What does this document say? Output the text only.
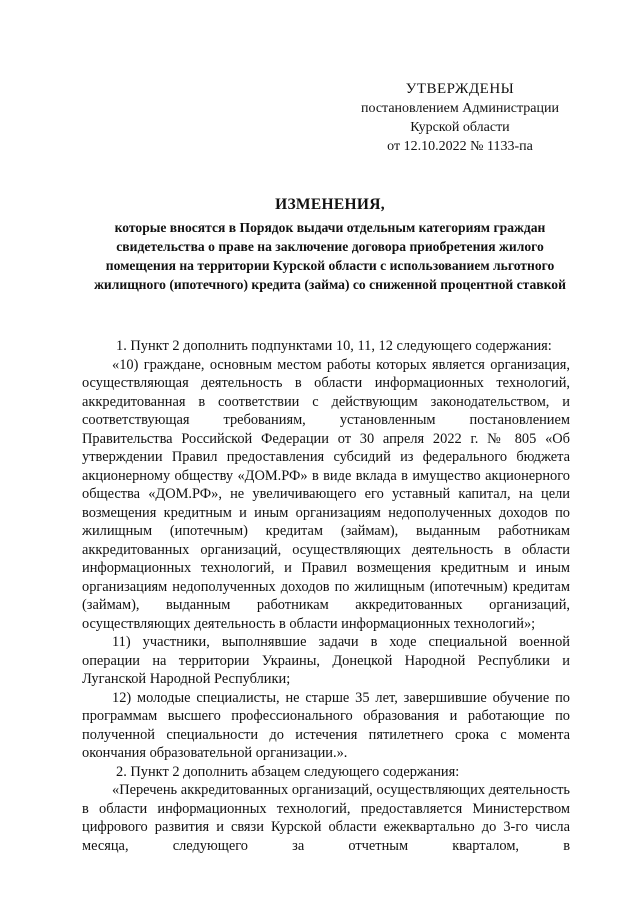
УТВЕРЖДЕНЫ
постановлением Администрации
Курской области
от 12.10.2022 № 1133-па
ИЗМЕНЕНИЯ,
которые вносятся в Порядок выдачи отдельным категориям граждан свидетельства о праве на заключение договора приобретения жилого помещения на территории Курской области с использованием льготного жилищного (ипотечного) кредита (займа) со сниженной процентной ставкой

1. Пункт 2 дополнить подпунктами 10, 11, 12 следующего содержания:

«10) граждане, основным местом работы которых является организация, осуществляющая деятельность в области информационных технологий, аккредитованная в соответствии с действующим законодательством, и соответствующая требованиям, установленным постановлением Правительства Российской Федерации от 30 апреля 2022 г. № 805 «Об утверждении Правил предоставления субсидий из федерального бюджета акционерному обществу «ДОМ.РФ» в виде вклада в имущество акционерного общества «ДОМ.РФ», не увеличивающего его уставный капитал, на цели возмещения кредитным и иным организациям недополученных доходов по жилищным (ипотечным) кредитам (займам), выданным работникам аккредитованных организаций, осуществляющих деятельность в области информационных технологий, и Правил возмещения кредитным и иным организациям недополученных доходов по жилищным (ипотечным) кредитам (займам), выданным работникам аккредитованных организаций, осуществляющих деятельность в области информационных технологий»;

11) участники, выполнявшие задачи в ходе специальной военной операции на территории Украины, Донецкой Народной Республики и Луганской Народной Республики;

12) молодые специалисты, не старше 35 лет, завершившие обучение по программам высшего профессионального образования и работающие по полученной специальности до истечения пятилетнего срока с момента окончания образовательной организации.».

2. Пункт 2 дополнить абзацем следующего содержания:

«Перечень аккредитованных организаций, осуществляющих деятельность в области информационных технологий, предоставляется Министерством цифрового развития и связи Курской области ежеквартально до 3-го числа месяца, следующего за отчетным кварталом, в
